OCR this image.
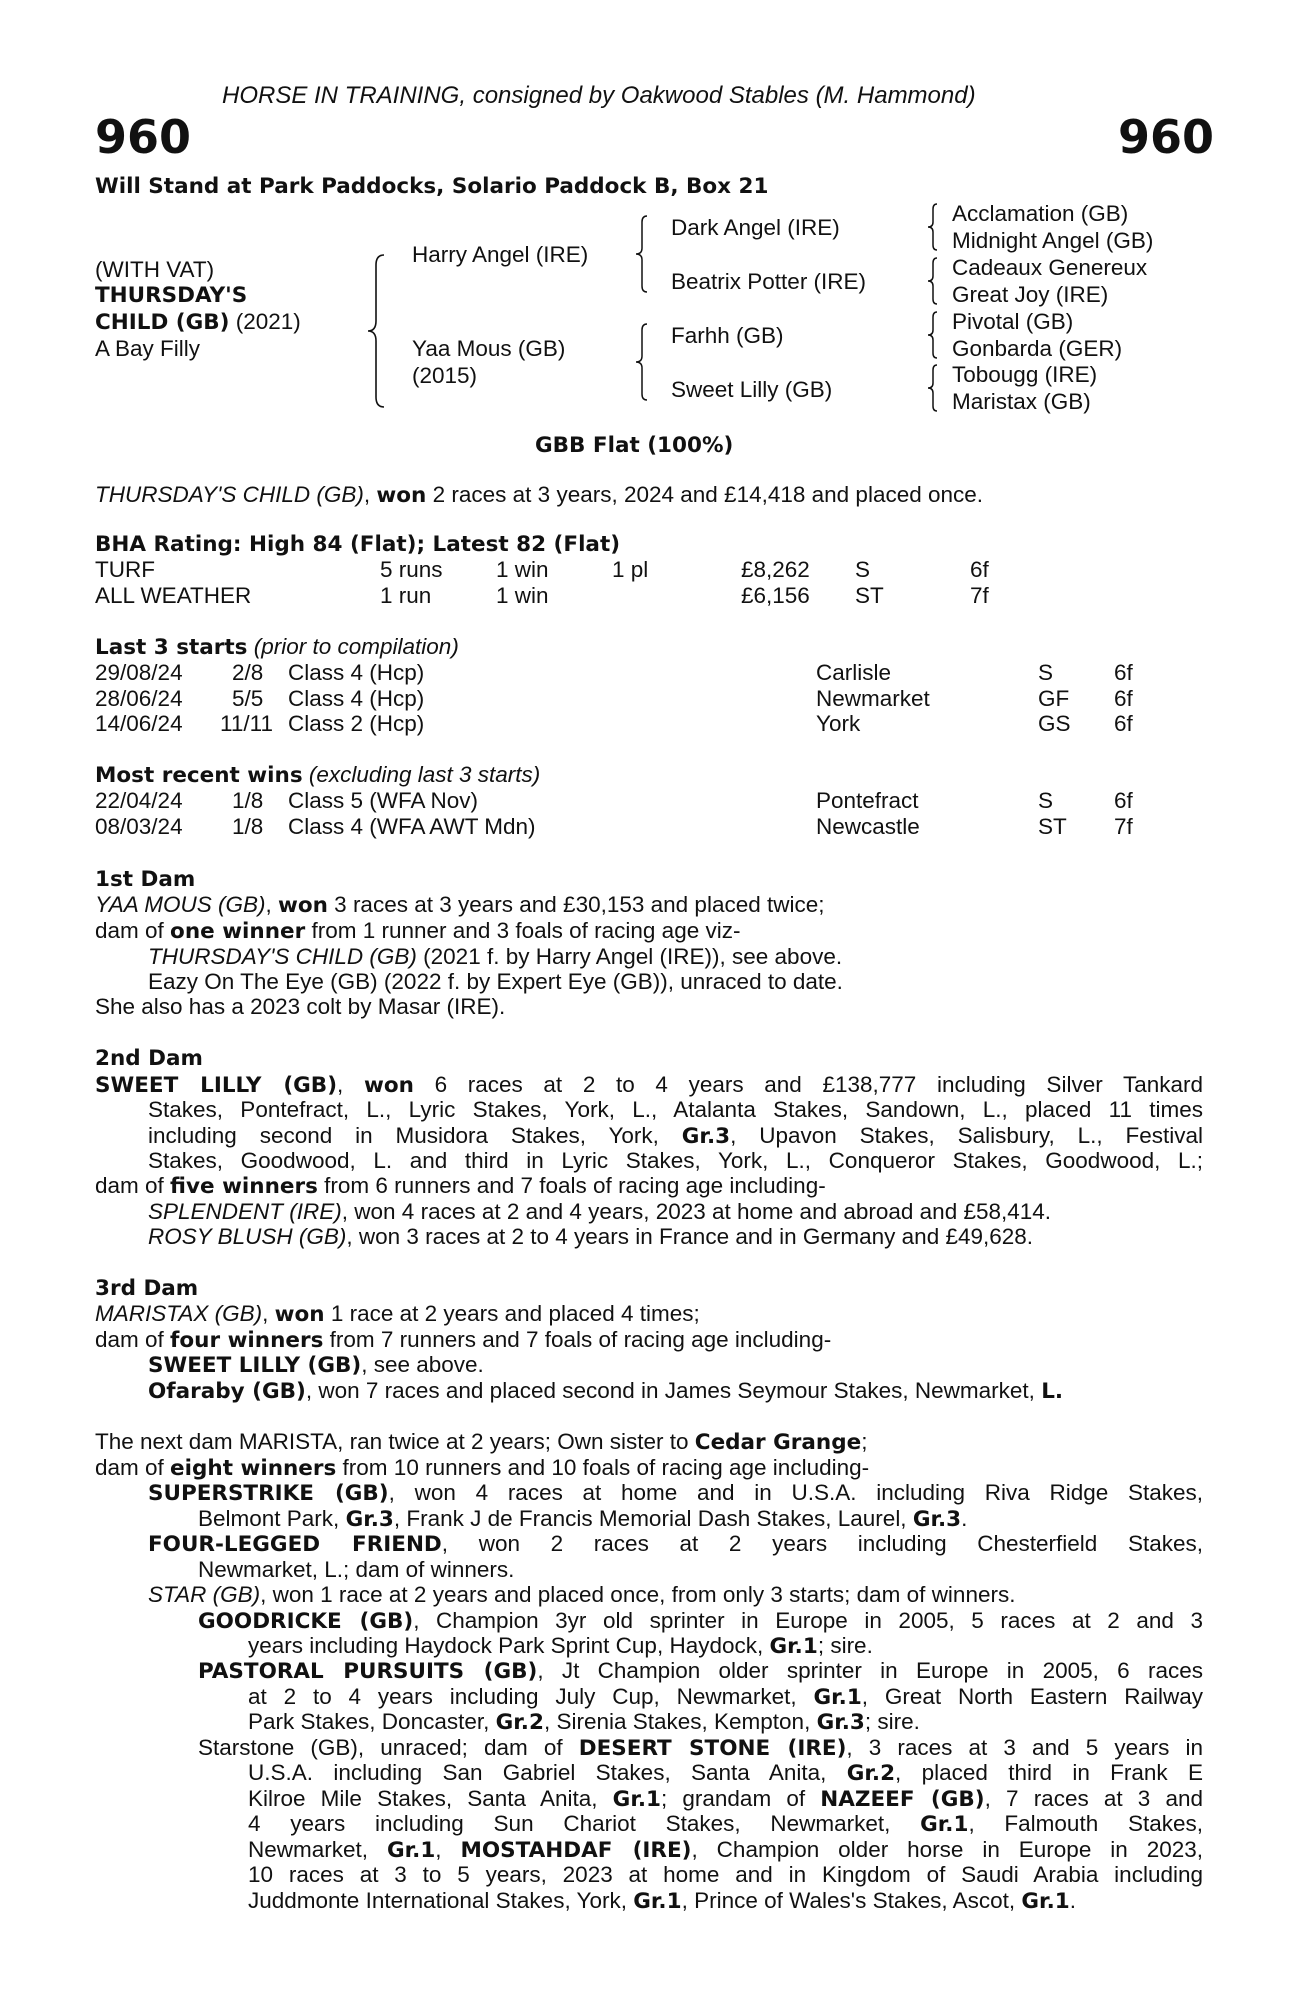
HORSE IN TRAINING, consigned by Oakwood Stables (M. Hammond)
960	960
Will Stand at Park Paddocks, Solario Paddock B, Box 21
(WITH VAT)
THURSDAY'S
CHILD (GB) (2021)
A Bay Filly
Harry Angel (IRE)
Yaa Mous (GB)
(2015)
Dark Angel (IRE)
Beatrix Potter (IRE)
Farhh (GB)
Sweet Lilly (GB)
Acclamation (GB)
Midnight Angel (GB)
Cadeaux Genereux
Great Joy (IRE)
Pivotal (GB)
Gonbarda (GER)
Tobougg (IRE)
Maristax (GB)
GBB Flat (100%)
THURSDAY'S CHILD (GB), won 2 races at 3 years, 2024 and £14,418 and placed once.
BHA Rating: High 84 (Flat); Latest 82 (Flat)
TURF	5 runs 1 win	1 pl	£8,262 S	6f
ALL WEATHER	1 run	1 win	£6,156 ST	7f
Last 3 starts (prior to compilation)
29/08/24 2/8 Class 4 (Hcp)	Carlisle	S	6f
28/06/24 5/5 Class 4 (Hcp)	Newmarket	GF 6f
14/06/24 11/11 Class 2 (Hcp)	York	GS 6f
Most recent wins (excluding last 3 starts)
22/04/24 1/8 Class 5 (WFA Nov)	Pontefract	S	6f
08/03/24 1/8 Class 4 (WFA AWT Mdn)	Newcastle	ST 7f
1st Dam
YAA MOUS (GB), won 3 races at 3 years and £30,153 and placed twice;
dam of one winner from 1 runner and 3 foals of racing age viz-
THURSDAY'S CHILD (GB) (2021 f. by Harry Angel (IRE)), see above.
Eazy On The Eye (GB) (2022 f. by Expert Eye (GB)), unraced to date.
She also has a 2023 colt by Masar (IRE).
2nd Dam
SWEET LILLY (GB), won 6 races at 2 to 4 years and £138,777 including Silver Tankard
Stakes, Pontefract, L., Lyric Stakes, York, L., Atalanta Stakes, Sandown, L., placed 11 times
including second in Musidora Stakes, York, Gr.3, Upavon Stakes, Salisbury, L., Festival
Stakes, Goodwood, L. and third in Lyric Stakes, York, L., Conqueror Stakes, Goodwood, L.;
dam of five winners from 6 runners and 7 foals of racing age including-
SPLENDENT (IRE), won 4 races at 2 and 4 years, 2023 at home and abroad and £58,414.
ROSY BLUSH (GB), won 3 races at 2 to 4 years in France and in Germany and £49,628.
3rd Dam
MARISTAX (GB), won 1 race at 2 years and placed 4 times;
dam of four winners from 7 runners and 7 foals of racing age including-
SWEET LILLY (GB), see above.
Ofaraby (GB), won 7 races and placed second in James Seymour Stakes, Newmarket, L.
The next dam MARISTA, ran twice at 2 years; Own sister to Cedar Grange;
dam of eight winners from 10 runners and 10 foals of racing age including-
SUPERSTRIKE (GB), won 4 races at home and in U.S.A. including Riva Ridge Stakes,
Belmont Park, Gr.3, Frank J de Francis Memorial Dash Stakes, Laurel, Gr.3.
FOUR-LEGGED FRIEND, won 2 races at 2 years including Chesterfield Stakes,
Newmarket, L.; dam of winners.
STAR (GB), won 1 race at 2 years and placed once, from only 3 starts; dam of winners.
GOODRICKE (GB), Champion 3yr old sprinter in Europe in 2005, 5 races at 2 and 3
years including Haydock Park Sprint Cup, Haydock, Gr.1; sire.
PASTORAL PURSUITS (GB), Jt Champion older sprinter in Europe in 2005, 6 races
at 2 to 4 years including July Cup, Newmarket, Gr.1, Great North Eastern Railway
Park Stakes, Doncaster, Gr.2, Sirenia Stakes, Kempton, Gr.3; sire.
Starstone (GB), unraced; dam of DESERT STONE (IRE), 3 races at 3 and 5 years in
U.S.A. including San Gabriel Stakes, Santa Anita, Gr.2, placed third in Frank E
Kilroe Mile Stakes, Santa Anita, Gr.1; grandam of NAZEEF (GB), 7 races at 3 and
4 years including Sun Chariot Stakes, Newmarket, Gr.1, Falmouth Stakes,
Newmarket, Gr.1, MOSTAHDAF (IRE), Champion older horse in Europe in 2023,
10 races at 3 to 5 years, 2023 at home and in Kingdom of Saudi Arabia including
Juddmonte International Stakes, York, Gr.1, Prince of Wales's Stakes, Ascot, Gr.1.
